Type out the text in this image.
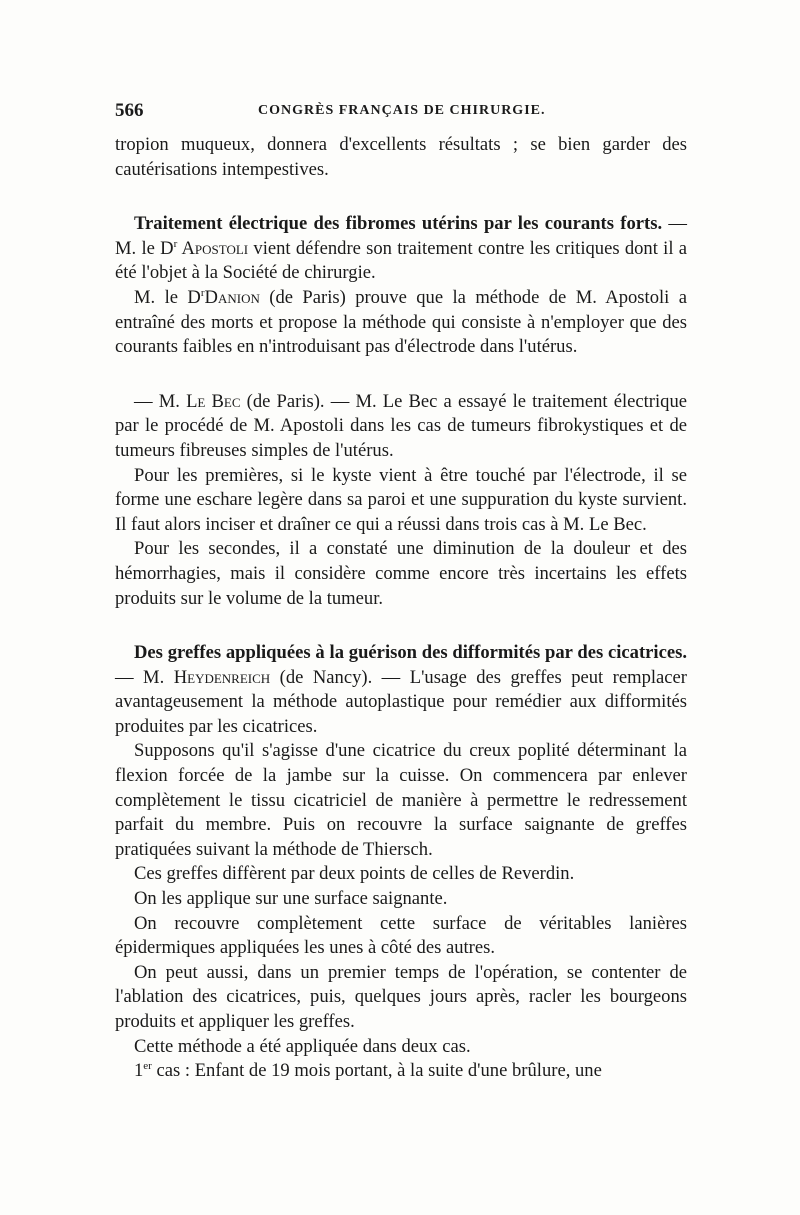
566	CONGRÈS FRANÇAIS DE CHIRURGIE.

tropion muqueux, donnera d'excellents résultats ; se bien garder des cautérisations intempestives.

Traitement électrique des fibromes utérins par les courants forts. — M. le $D^r$ Apostoli vient défendre son traitement contre les critiques dont il a été l'objet à la Société de chirurgie.

M. le $D^rDanion$ (de Paris) prouve que la méthode de M. Apostoli a entraîné des morts et propose la méthode qui consiste à n'employer que des courants faibles en n'introduisant pas d'électrode dans l'utérus.

— M. Le Bec (de Paris). — M. Le Bec a essayé le traitement électrique par le procédé de M. Apostoli dans les cas de tumeurs fibrokystiques et de tumeurs fibreuses simples de l'utérus.

Pour les premières, si le kyste vient à être touché par l'électrode, il se forme une eschare legère dans sa paroi et une suppuration du kyste survient. Il faut alors inciser et draîner ce qui a réussi dans trois cas à M. Le Bec.

Pour les secondes, il a constaté une diminution de la douleur et des hémorrhagies, mais il considère comme encore très incertains les effets produits sur le volume de la tumeur.

Des greffes appliquées à la guérison des difformités par des cicatrices. — M. Heydenreich (de Nancy). — L'usage des greffes peut remplacer avantageusement la méthode autoplastique pour remédier aux difformités produites par les cicatrices.

Supposons qu'il s'agisse d'une cicatrice du creux poplité déterminant la flexion forcée de la jambe sur la cuisse. On commencera par enlever complètement le tissu cicatriciel de manière à permettre le redressement parfait du membre. Puis on recouvre la surface saignante de greffes pratiquées suivant la méthode de Thiersch.

Ces greffes diffèrent par deux points de celles de Reverdin.

On les applique sur une surface saignante.

On recouvre complètement cette surface de véritables lanières épidermiques appliquées les unes à côté des autres.

On peut aussi, dans un premier temps de l'opération, se contenter de l'ablation des cicatrices, puis, quelques jours après, racler les bourgeons produits et appliquer les greffes.

Cette méthode a été appliquée dans deux cas.

1er cas : Enfant de 19 mois portant, à la suite d'une brûlure, une
